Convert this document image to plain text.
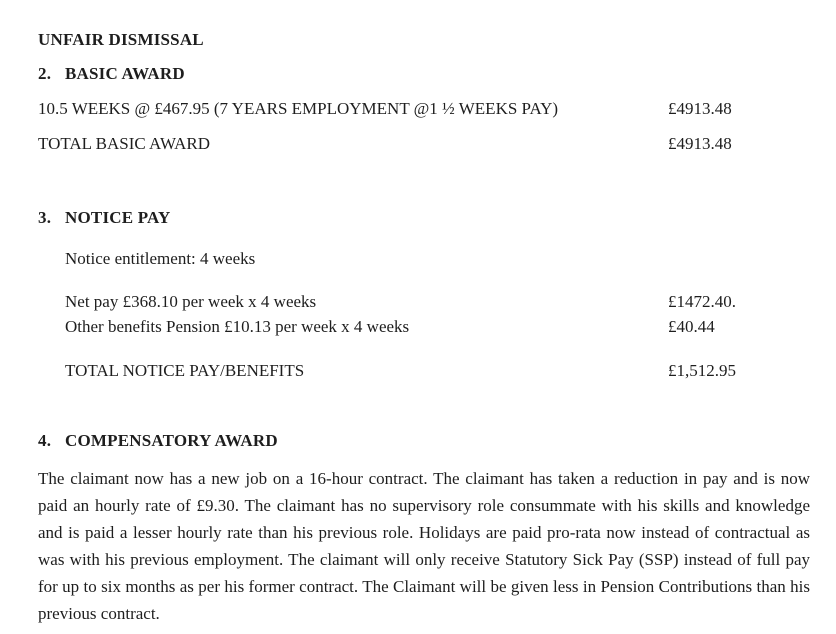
UNFAIR DISMISSAL
2. BASIC AWARD
10.5 WEEKS @ £467.95 (7 YEARS EMPLOYMENT @1 ½ WEEKS PAY)	£4913.48
TOTAL BASIC AWARD	£4913.48
3. NOTICE PAY
Notice entitlement: 4 weeks
Net pay £368.10 per week x 4 weeks	£1472.40.
Other benefits Pension £10.13 per week x 4 weeks	£40.44
TOTAL NOTICE PAY/BENEFITS	£1,512.95
4. COMPENSATORY AWARD

The claimant now has a new job on a 16-hour contract. The claimant has taken a reduction in pay and is now paid an hourly rate of £9.30. The claimant has no supervisory role consummate with his skills and knowledge and is paid a lesser hourly rate than his previous role. Holidays are paid pro-rata now instead of contractual as was with his previous employment. The claimant will only receive Statutory Sick Pay (SSP) instead of full pay for up to six months as per his former contract. The Claimant will be given less in Pension Contributions than his previous contract.
